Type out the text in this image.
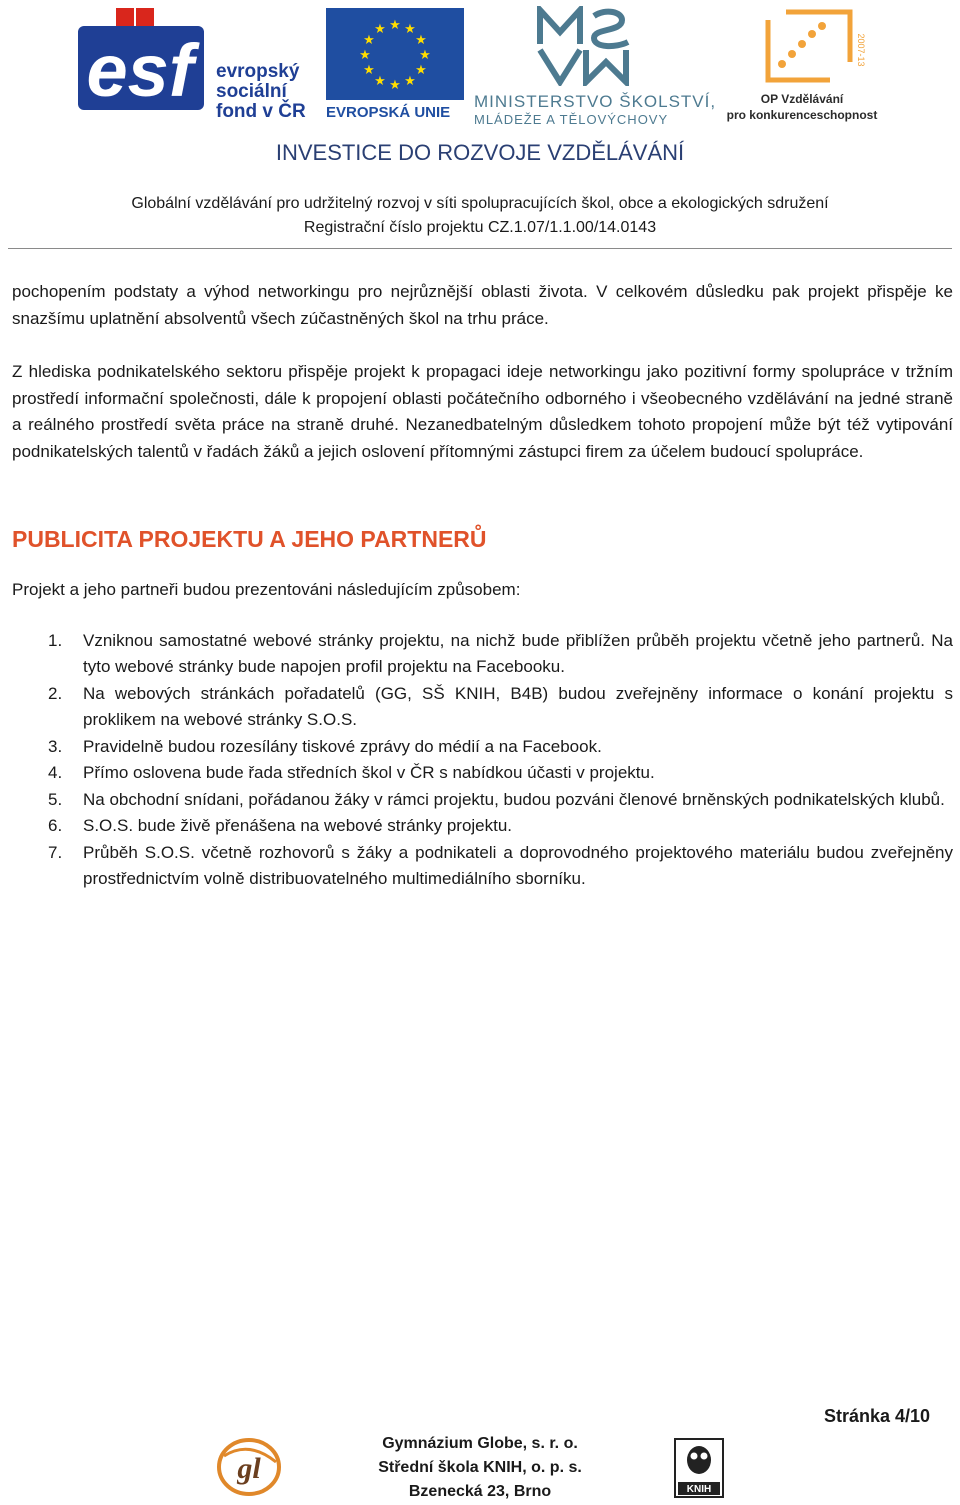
esf	evropský
sociální
fond v ČR
★ ★
★
★
★
★
★
★
★
★
★
★
EVROPSKÁ UNIE
MINISTERSTVO ŠKOLSTVÍ,
MLÁDEŽE A TĚLOVÝCHOVY
2007-13
OP Vzdělávání
pro konkurenceschopnost
INVESTICE DO ROZVOJE VZDĚLÁVÁNÍ
Globální vzdělávání pro udržitelný rozvoj v síti spolupracujících škol, obce a ekologických sdružení
Registrační číslo projektu CZ.1.07/1.1.00/14.0143

pochopením podstaty a výhod networkingu pro nejrůznější oblasti života. V celkovém důsledku pak projekt přispěje ke snazšímu uplatnění absolventů všech zúčastněných škol na trhu práce.

Z hlediska podnikatelského sektoru přispěje projekt k propagaci ideje networkingu jako pozitivní formy spolupráce v tržním prostředí informační společnosti, dále k propojení oblasti počátečního odborného i všeobecného vzdělávání na jedné straně a reálného prostředí světa práce na straně druhé. Nezanedbatelným důsledkem tohoto propojení může být též vytipování podnikatelských talentů v řadách žáků a jejich oslovení přítomnými zástupci firem za účelem budoucí spolupráce.

PUBLICITA PROJEKTU A JEHO PARTNERŮ

Projekt a jeho partneři budou prezentováni následujícím způsobem:

1. Vzniknou samostatné webové stránky projektu, na nichž bude přiblížen průběh projektu včetně jeho partnerů. Na tyto webové stránky bude napojen profil projektu na Facebooku.
2. Na webových stránkách pořadatelů (GG, SŠ KNIH, B4B) budou zveřejněny informace o konání projektu s proklikem na webové stránky S.O.S.
3. Pravidelně budou rozesílány tiskové zprávy do médií a na Facebook.
4. Přímo oslovena bude řada středních škol v ČR s nabídkou účasti v projektu.
5. Na obchodní snídani, pořádanou žáky v rámci projektu, budou pozváni členové brněnských podnikatelských klubů.
6. S.O.S. bude živě přenášena na webové stránky projektu.
7. Průběh S.O.S. včetně rozhovorů s žáky a podnikateli a doprovodného projektového materiálu budou zveřejněny prostřednictvím volně distribuovatelného multimediálního sborníku.
Stránka 4/10
gl
Gymnázium Globe, s. r. o.
Střední škola KNIH, o. p. s.
Bzenecká 23, Brno	KNIH
